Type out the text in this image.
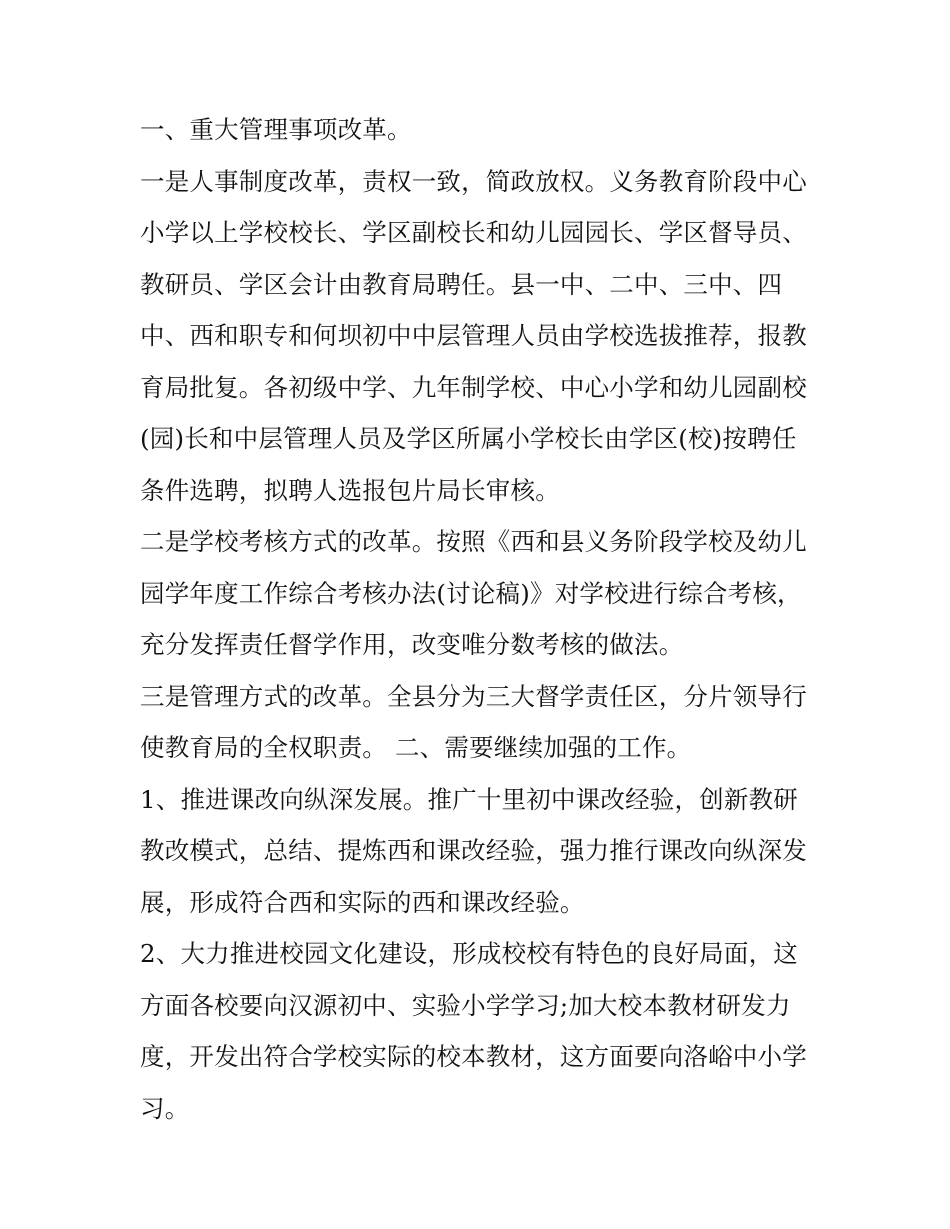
一、重大管理事项改革。

一是人事制度改革，责权一致，简政放权。义务教育阶段中心

小学以上学校校长、学区副校长和幼儿园园长、学区督导员、

教研员、学区会计由教育局聘任。县一中、二中、三中、四

中、西和职专和何坝初中中层管理人员由学校选拔推荐，报教

育局批复。各初级中学、九年制学校、中心小学和幼儿园副校

(园)长和中层管理人员及学区所属小学校长由学区(校)按聘任

条件选聘，拟聘人选报包片局长审核。

二是学校考核方式的改革。按照《西和县义务阶段学校及幼儿

园学年度工作综合考核办法(讨论稿)》对学校进行综合考核，

充分发挥责任督学作用，改变唯分数考核的做法。

三是管理方式的改革。全县分为三大督学责任区，分片领导行

使教育局的全权职责。 二、需要继续加强的工作。

1、推进课改向纵深发展。推广十里初中课改经验，创新教研

教改模式，总结、提炼西和课改经验，强力推行课改向纵深发

展，形成符合西和实际的西和课改经验。

2、大力推进校园文化建设，形成校校有特色的良好局面，这

方面各校要向汉源初中、实验小学学习;加大校本教材研发力

度，开发出符合学校实际的校本教材，这方面要向洛峪中小学

习。
